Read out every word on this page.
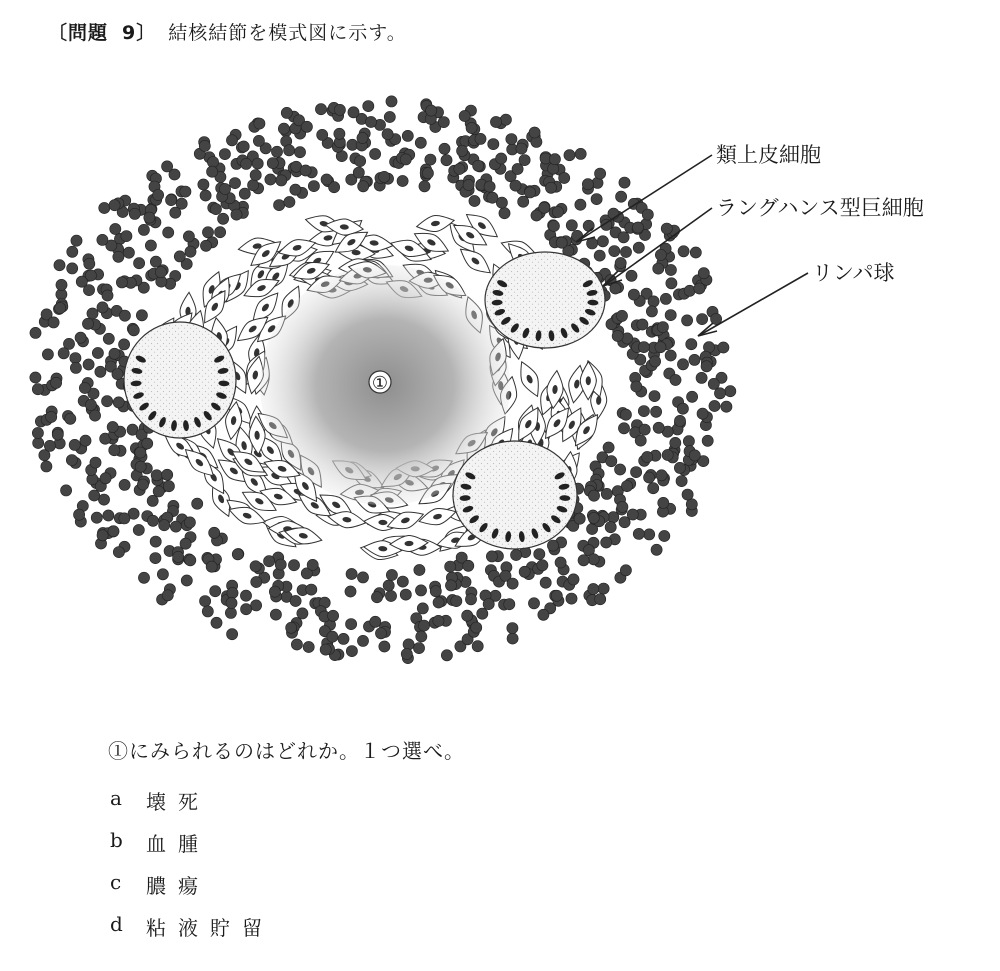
〔問題 9〕 結核結節を模式図に示す。
①
類上皮細胞
ラングハンス型巨細胞
リンパ球
①にみられるのはどれか。１つ選べ。
a	壊死
b	血腫
c	膿瘍
d	粘液貯留
